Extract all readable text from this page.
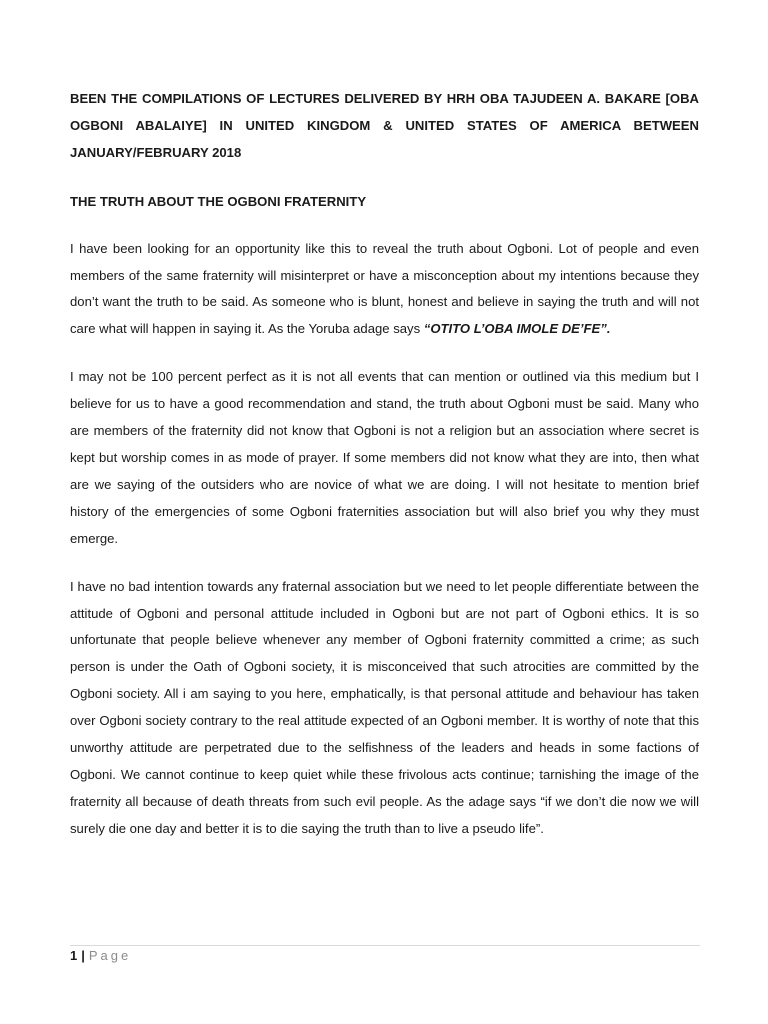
BEEN THE COMPILATIONS OF LECTURES DELIVERED BY HRH OBA TAJUDEEN A. BAKARE [OBA OGBONI ABALAIYE] IN UNITED KINGDOM & UNITED STATES OF AMERICA BETWEEN JANUARY/FEBRUARY 2018

THE TRUTH ABOUT THE OGBONI FRATERNITY

I have been looking for an opportunity like this to reveal the truth about Ogboni. Lot of people and even members of the same fraternity will misinterpret or have a misconception about my intentions because they don’t want the truth to be said. As someone who is blunt, honest and believe in saying the truth and will not care what will happen in saying it. As the Yoruba adage says “OTITO L’OBA IMOLE DE’FE”.

I may not be 100 percent perfect as it is not all events that can mention or outlined via this medium but I believe for us to have a good recommendation and stand, the truth about Ogboni must be said. Many who are members of the fraternity did not know that Ogboni is not a religion but an association where secret is kept but worship comes in as mode of prayer. If some members did not know what they are into, then what are we saying of the outsiders who are novice of what we are doing. I will not hesitate to mention brief history of the emergencies of some Ogboni fraternities association but will also brief you why they must emerge.

I have no bad intention towards any fraternal association but we need to let people differentiate between the attitude of Ogboni and personal attitude included in Ogboni but are not part of Ogboni ethics. It is so unfortunate that people believe whenever any member of Ogboni fraternity committed a crime; as such person is under the Oath of Ogboni society, it is misconceived that such atrocities are committed by the Ogboni society. All i am saying to you here, emphatically, is that personal attitude and behaviour has taken over Ogboni society contrary to the real attitude expected of an Ogboni member. It is worthy of note that this unworthy attitude are perpetrated due to the selfishness of the leaders and heads in some factions of Ogboni. We cannot continue to keep quiet while these frivolous acts continue; tarnishing the image of the fraternity all because of death threats from such evil people. As the adage says “if we don’t die now we will surely die one day and better it is to die saying the truth than to live a pseudo life”.

1 | Page
